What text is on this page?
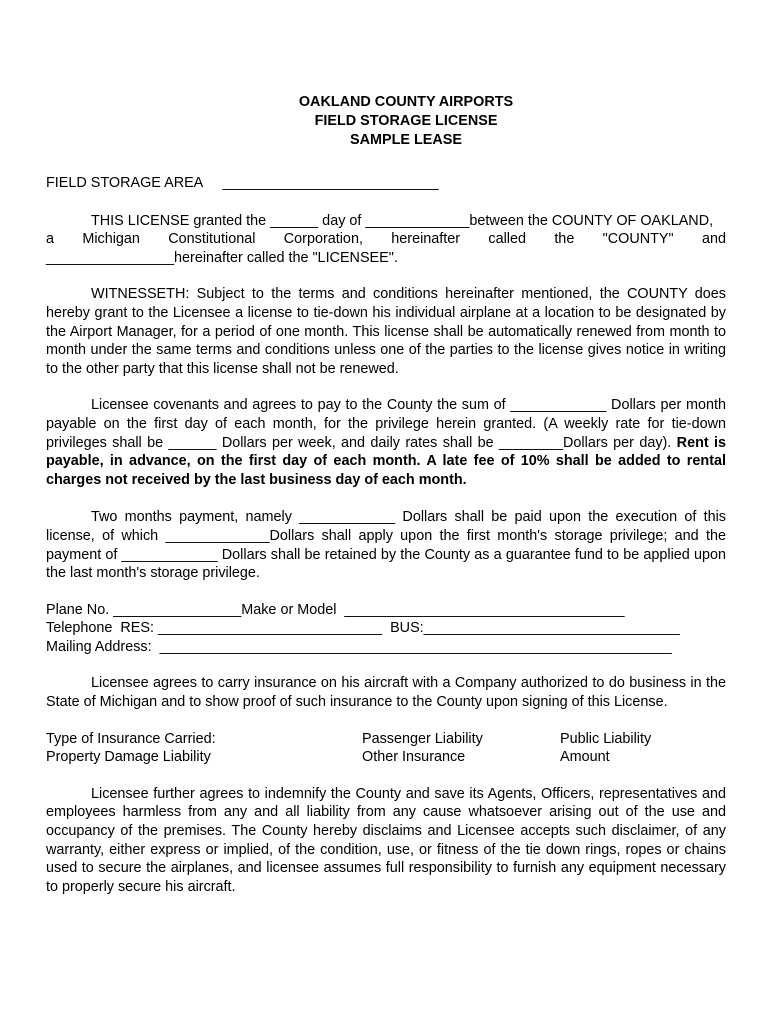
OAKLAND COUNTY AIRPORTS
FIELD STORAGE LICENSE
SAMPLE LEASE
FIELD STORAGE AREA     ___________________________
THIS LICENSE granted the ______ day of _____________between the COUNTY OF OAKLAND,
a Michigan Constitutional Corporation, hereinafter called the "COUNTY" and
________________hereinafter called the "LICENSEE".

WITNESSETH: Subject to the terms and conditions hereinafter mentioned, the COUNTY does hereby grant to the Licensee a license to tie-down his individual airplane at a location to be designated by the Airport Manager, for a period of one month. This license shall be automatically renewed from month to month under the same terms and conditions unless one of the parties to the license gives notice in writing to the other party that this license shall not be renewed.

Licensee covenants and agrees to pay to the County the sum of ____________ Dollars per month payable on the first day of each month, for the privilege herein granted. (A weekly rate for tie-down privileges shall be ______ Dollars per week, and daily rates shall be ________Dollars per day). Rent is payable, in advance, on the first day of each month. A late fee of 10% shall be added to rental charges not received by the last business day of each month.

Two months payment, namely ____________ Dollars shall be paid upon the execution of this license, of which _____________Dollars shall apply upon the first month's storage privilege; and the payment of ____________ Dollars shall be retained by the County as a guarantee fund to be applied upon the last month's storage privilege.

Plane No. ________________Make or Model  ___________________________________
Telephone  RES: ____________________________  BUS:________________________________
Mailing Address:  ________________________________________________________________

Licensee agrees to carry insurance on his aircraft with a Company authorized to do business in the State of Michigan and to show proof of such insurance to the County upon signing of this License.

Type of Insurance Carried:	Passenger Liability	Public Liability
Property Damage Liability	Other Insurance	Amount

Licensee further agrees to indemnify the County and save its Agents, Officers, representatives and employees harmless from any and all liability from any cause whatsoever arising out of the use and occupancy of the premises. The County hereby disclaims and Licensee accepts such disclaimer, of any warranty, either express or implied, of the condition, use, or fitness of the tie down rings, ropes or chains used to secure the airplanes, and licensee assumes full responsibility to furnish any equipment necessary to properly secure his aircraft.
